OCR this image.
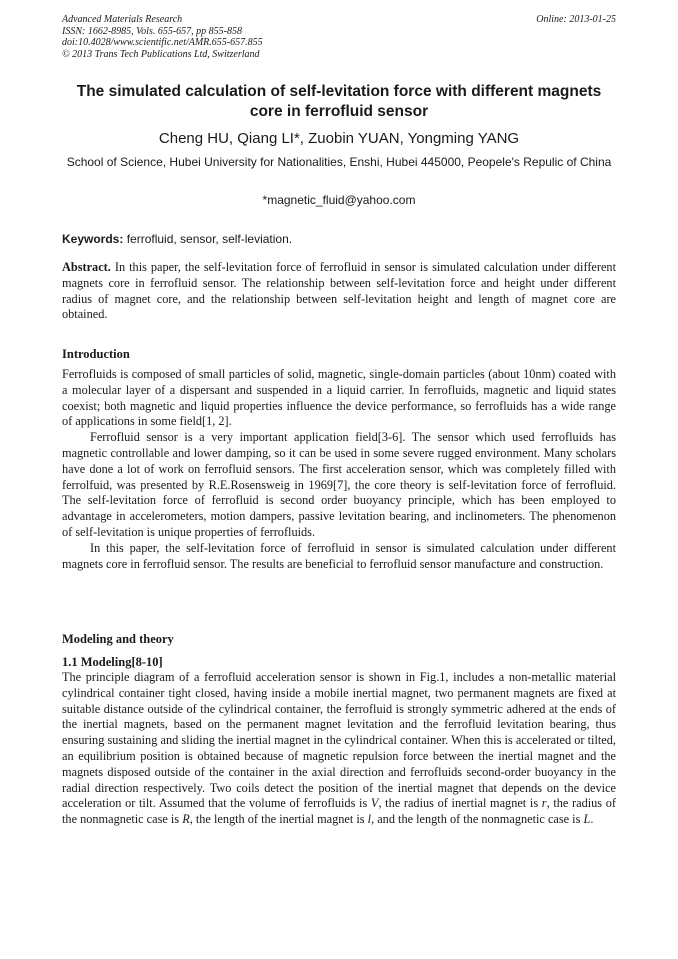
Advanced Materials Research
ISSN: 1662-8985, Vols. 655-657, pp 855-858
doi:10.4028/www.scientific.net/AMR.655-657.855
© 2013 Trans Tech Publications Ltd, Switzerland
Online: 2013-01-25
The simulated calculation of self-levitation force with different magnets core in ferrofluid sensor
Cheng HU, Qiang LI*, Zuobin YUAN, Yongming YANG
School of Science, Hubei University for Nationalities, Enshi, Hubei 445000, Peopele's Repulic of China
*magnetic_fluid@yahoo.com
Keywords: ferrofluid, sensor, self-leviation.
Abstract. In this paper, the self-levitation force of ferrofluid in sensor is simulated calculation under different magnets core in ferrofluid sensor. The relationship between self-levitation force and height under different radius of magnet core, and the relationship between self-levitation height and length of magnet core are obtained.
Introduction

Ferrofluids is composed of small particles of solid, magnetic, single-domain particles (about 10nm) coated with a molecular layer of a dispersant and suspended in a liquid carrier. In ferrofluids, magnetic and liquid states coexist; both magnetic and liquid properties influence the device performance, so ferrofluids has a wide range of applications in some field[1, 2].

Ferrofluid sensor is a very important application field[3-6]. The sensor which used ferrofluids has magnetic controllable and lower damping, so it can be used in some severe rugged environment. Many scholars have done a lot of work on ferrofluid sensors. The first acceleration sensor, which was completely filled with ferrolfuid, was presented by R.E.Rosensweig in 1969[7], the core theory is self-levitation force of ferrofluid. The self-levitation force of ferrofluid is second order buoyancy principle, which has been employed to advantage in accelerometers, motion dampers, passive levitation bearing, and inclinometers. The phenomenon of self-levitation is unique properties of ferrofluids.

In this paper, the self-levitation force of ferrofluid in sensor is simulated calculation under different magnets core in ferrofluid sensor. The results are beneficial to ferrofluid sensor manufacture and construction.

Modeling and theory
1.1 Modeling[8-10]

The principle diagram of a ferrofluid acceleration sensor is shown in Fig.1, includes a non-metallic material cylindrical container tight closed, having inside a mobile inertial magnet, two permanent magnets are fixed at suitable distance outside of the cylindrical container, the ferrofluid is strongly symmetric adhered at the ends of the inertial magnets, based on the permanent magnet levitation and the ferrofluid levitation bearing, thus ensuring sustaining and sliding the inertial magnet in the cylindrical container. When this is accelerated or tilted, an equilibrium position is obtained because of magnetic repulsion force between the inertial magnet and the magnets disposed outside of the container in the axial direction and ferrofluids second-order buoyancy in the radial direction respectively. Two coils detect the position of the inertial magnet that depends on the device acceleration or tilt. Assumed that the volume of ferrofluids is V, the radius of inertial magnet is r, the radius of the nonmagnetic case is R, the length of the inertial magnet is l, and the length of the nonmagnetic case is L.
